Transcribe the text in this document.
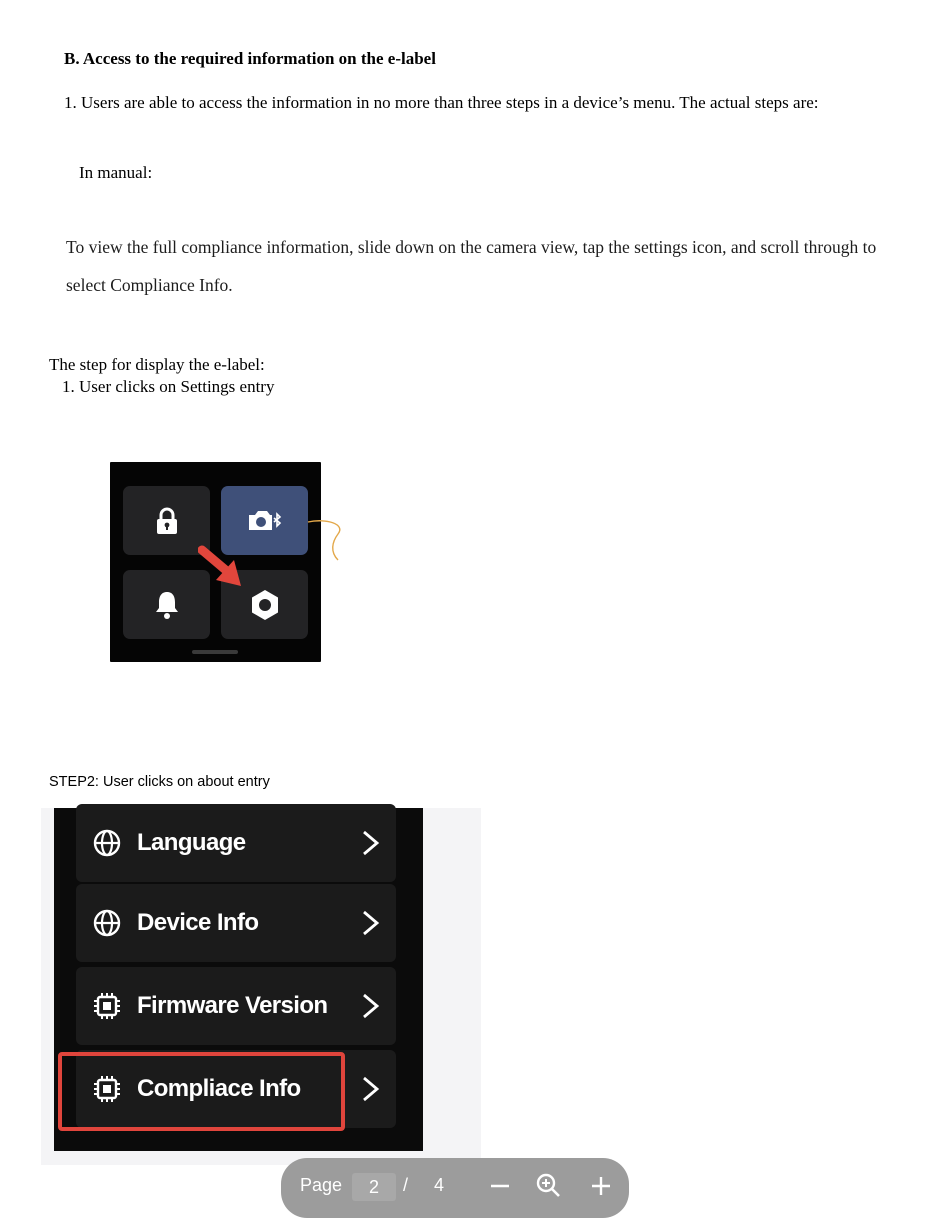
B. Access to the required information on the e-label
1. Users are able to access the information in no more than three steps in a device’s menu. The actual steps are:
In manual:
To view the full compliance information, slide down on the camera view, tap the settings icon, and scroll through to select Compliance Info.
The step for display the e-label:
1. User clicks on Settings entry
STEP2: User clicks on about entry
Language
Device Info
Firmware Version
Compliace Info
Page	2	/ 4
